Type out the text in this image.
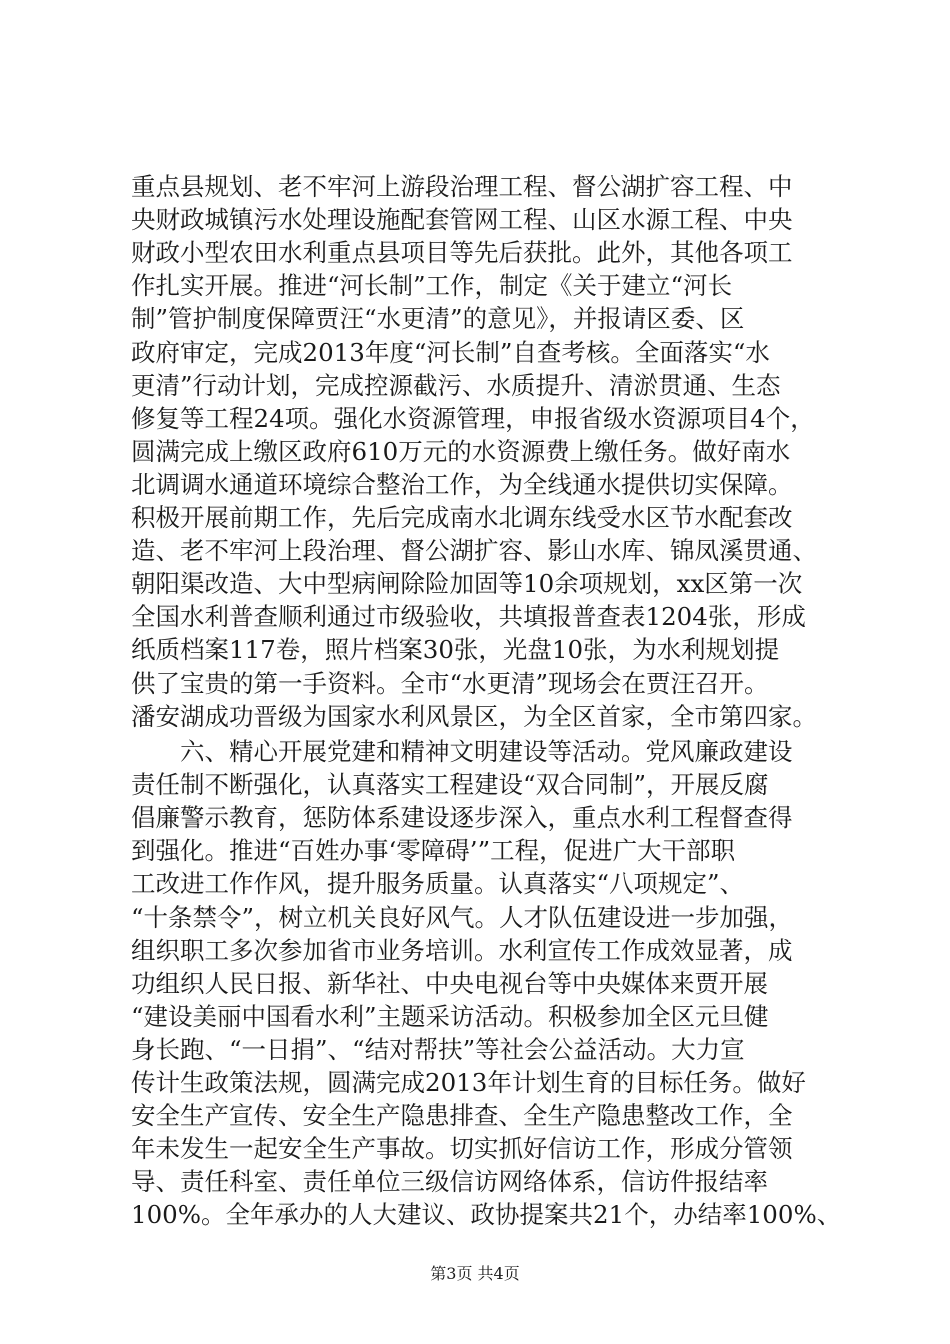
重点县规划、老不牢河上游段治理工程、督公湖扩容工程、中
央财政城镇污水处理设施配套管网工程、山区水源工程、中央
财政小型农田水利重点县项目等先后获批。此外，其他各项工
作扎实开展。推进“河长制”工作，制定《关于建立“河长
制”管护制度保障贾汪“水更清”的意见》，并报请区委、区
政府审定，完成2013年度“河长制”自查考核。全面落实“水
更清”行动计划，完成控源截污、水质提升、清淤贯通、生态
修复等工程24项。强化水资源管理，申报省级水资源项目4个，
圆满完成上缴区政府610万元的水资源费上缴任务。做好南水
北调调水通道环境综合整治工作，为全线通水提供切实保障。
积极开展前期工作，先后完成南水北调东线受水区节水配套改
造、老不牢河上段治理、督公湖扩容、影山水库、锦凤溪贯通、
朝阳渠改造、大中型病闸除险加固等10余项规划，xx区第一次
全国水利普查顺利通过市级验收，共填报普查表1204张，形成
纸质档案117卷，照片档案30张，光盘10张，为水利规划提
供了宝贵的第一手资料。全市“水更清”现场会在贾汪召开。
潘安湖成功晋级为国家水利风景区，为全区首家，全市第四家。
　　六、精心开展党建和精神文明建设等活动。党风廉政建设
责任制不断强化，认真落实工程建设“双合同制”，开展反腐
倡廉警示教育，惩防体系建设逐步深入，重点水利工程督查得
到强化。推进“百姓办事‘零障碍’”工程，促进广大干部职
工改进工作作风，提升服务质量。认真落实“八项规定”、
“十条禁令”，树立机关良好风气。人才队伍建设进一步加强，
组织职工多次参加省市业务培训。水利宣传工作成效显著，成
功组织人民日报、新华社、中央电视台等中央媒体来贾开展
“建设美丽中国看水利”主题采访活动。积极参加全区元旦健
身长跑、“一日捐”、“结对帮扶”等社会公益活动。大力宣
传计生政策法规，圆满完成2013年计划生育的目标任务。做好
安全生产宣传、安全生产隐患排查、全生产隐患整改工作，全
年未发生一起安全生产事故。切实抓好信访工作，形成分管领
导、责任科室、责任单位三级信访网络体系，信访件报结率
100%。全年承办的人大建议、政协提案共21个，办结率100%、
第3页 共4页
